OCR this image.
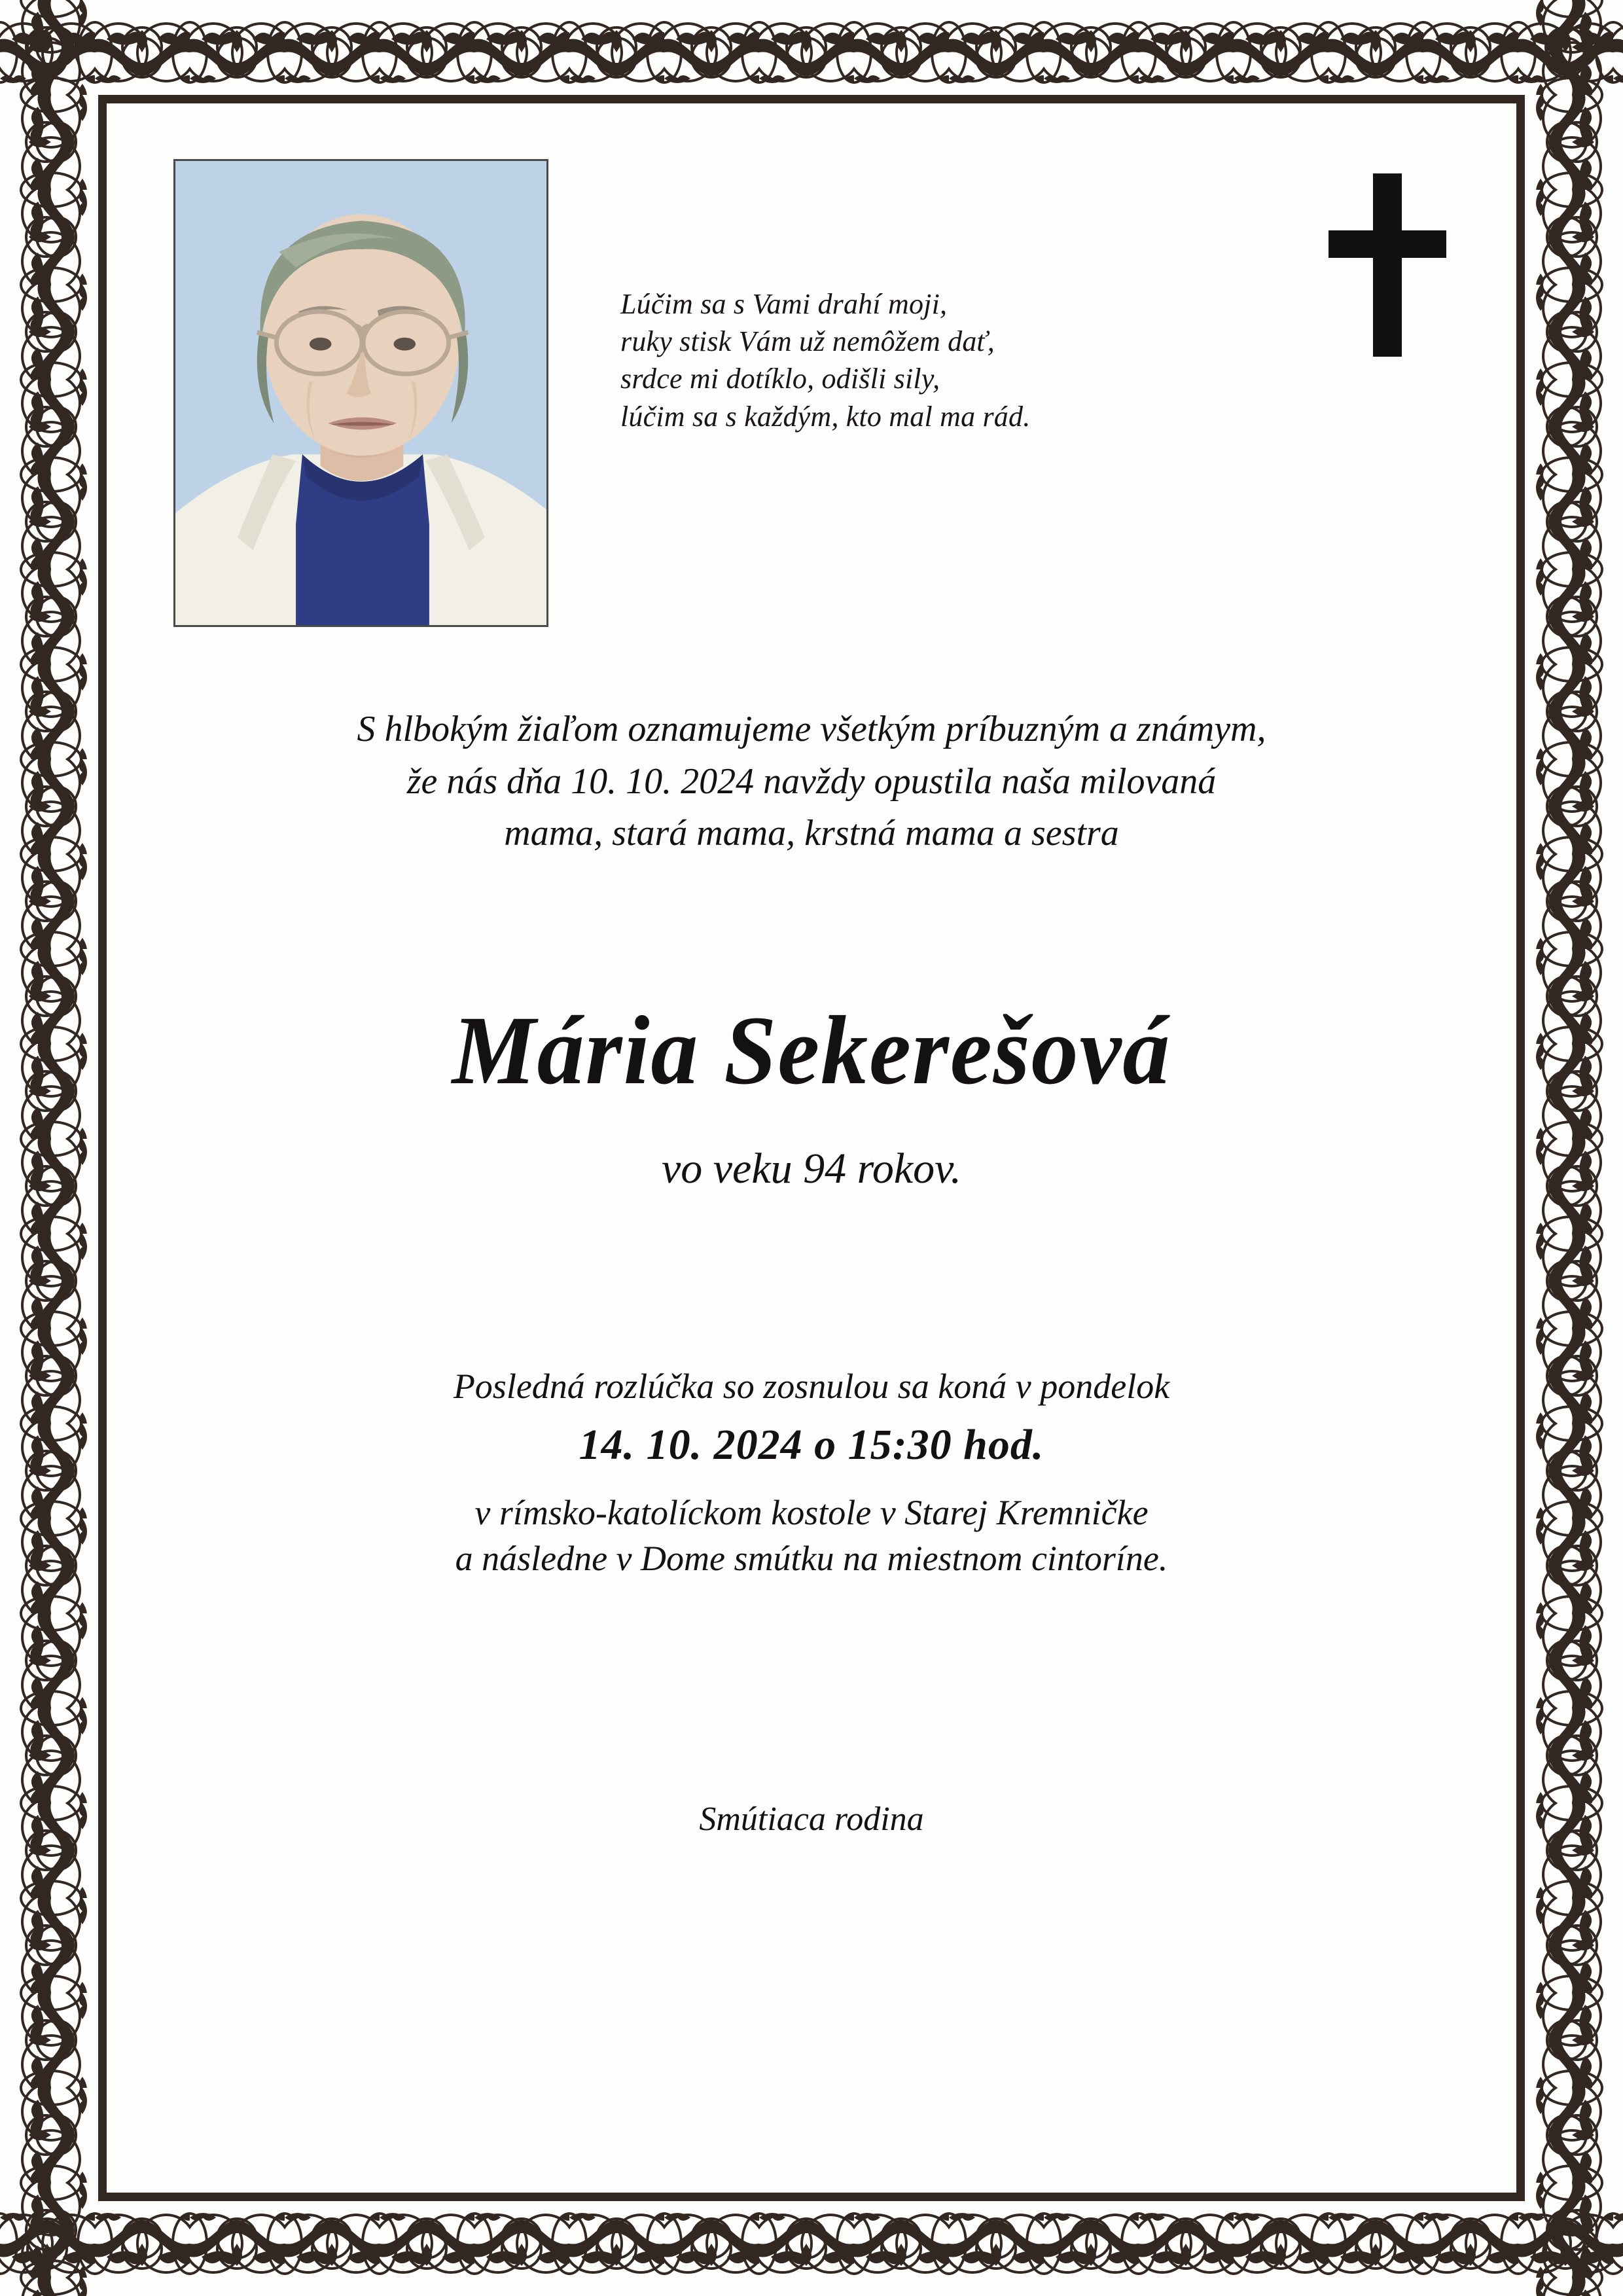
Lúčim sa s Vami drahí moji,
ruky stisk Vám už nemôžem dať,
srdce mi dotíklo, odišli sily,
lúčim sa s každým, kto mal ma rád.
S hlbokým žiaľom oznamujeme všetkým príbuzným a známym,
že nás dňa 10. 10. 2024 navždy opustila naša milovaná
mama, stará mama, krstná mama a sestra
Mária Sekerešová
vo veku 94 rokov.
Posledná rozlúčka so zosnulou sa koná v pondelok
14. 10. 2024 o 15:30 hod.
v rímsko-katolíckom kostole v Starej Kremničke
a následne v Dome smútku na miestnom cintoríne.
Smútiaca rodina
